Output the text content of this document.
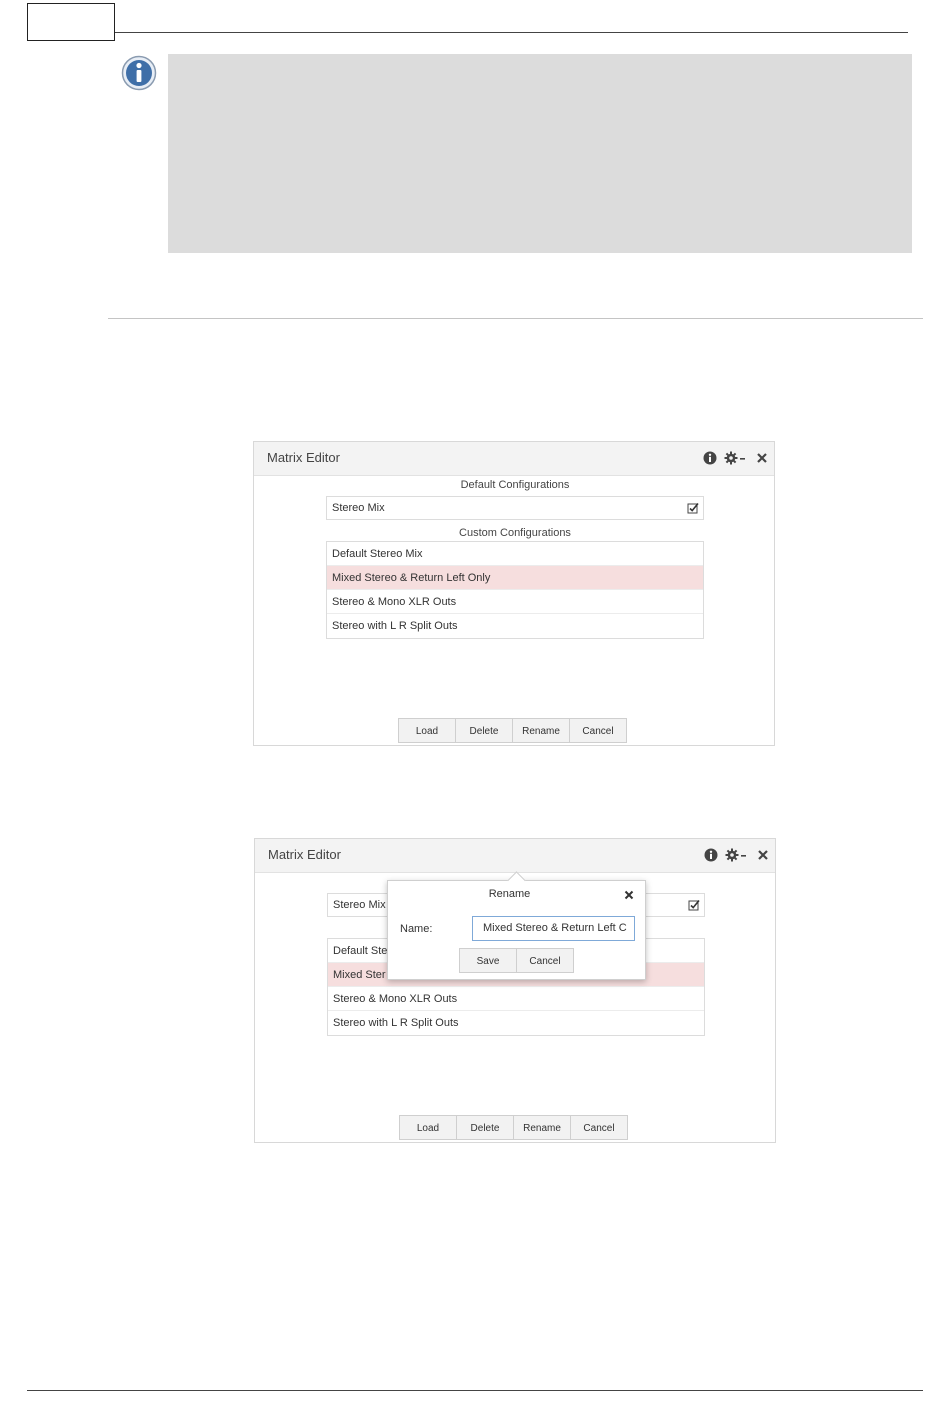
Matrix Editor
Default Configurations
Stereo Mix
Custom Configurations
Default Stereo Mix
Mixed Stereo & Return Left Only
Stereo & Mono XLR Outs
Stereo with L R Split Outs
Load	Delete	Rename	Cancel
Matrix Editor
Stereo Mix
Default Ste
Mixed Ster
Stereo & Mono XLR Outs
Stereo with L R Split Outs
Load	Delete	Rename	Cancel
Rename
Name:	Mixed Stereo & Return Left C
Save	Cancel
